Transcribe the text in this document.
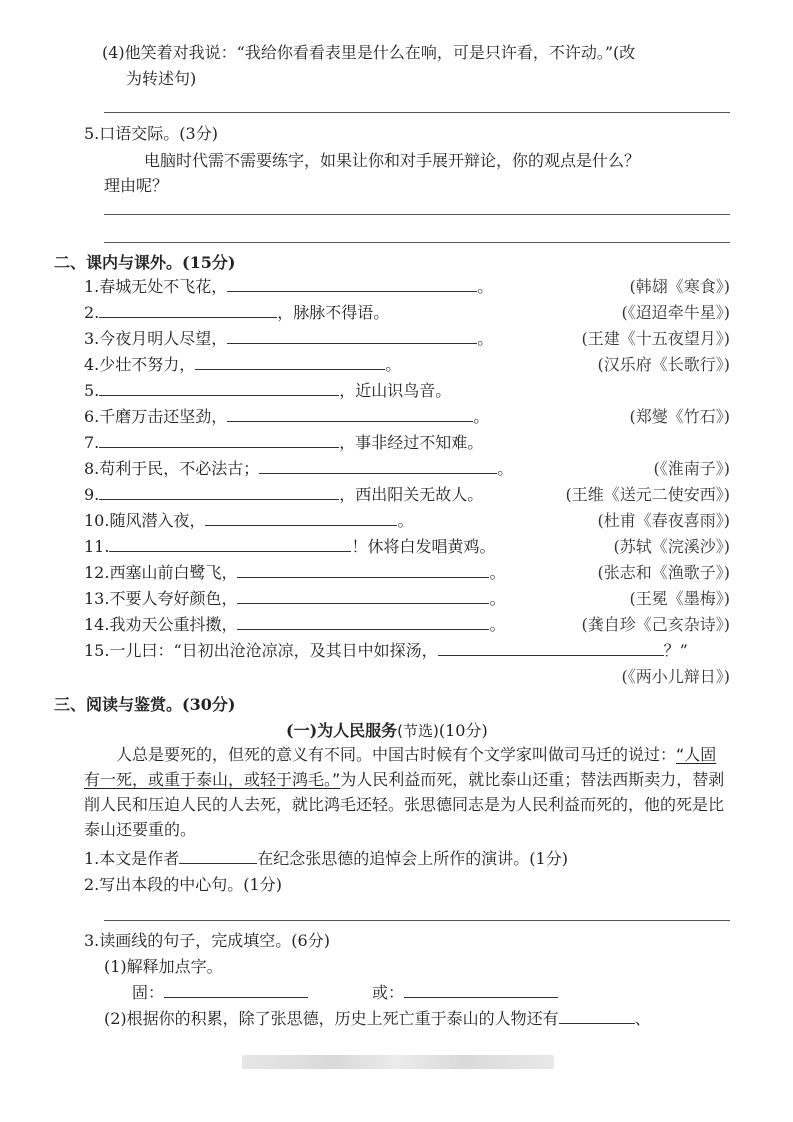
(4)他笑着对我说：“我给你看看表里是什么在响，可是只许看，不许动。”(改
为转述句)
5.口语交际。(3分)
电脑时代需不需要练字，如果让你和对手展开辩论，你的观点是什么？
理由呢？
二、课内与课外。(15分)
1.春城无处不飞花，	。	(韩翃《寒食》)
2.	，脉脉不得语。	(《迢迢牵牛星》)
3.今夜月明人尽望，	。	(王建《十五夜望月》)
4.少壮不努力，	。	(汉乐府《长歌行》)
5.	，近山识鸟音。
6.千磨万击还坚劲，	。	(郑燮《竹石》)
7.	，事非经过不知难。
8.苟利于民，不必法古；	。	(《淮南子》)
9.	，西出阳关无故人。	(王维《送元二使安西》)
10.随风潜入夜，	。	(杜甫《春夜喜雨》)
11.	！休将白发唱黄鸡。	(苏轼《浣溪沙》)
12.西塞山前白鹭飞，	。	(张志和《渔歌子》)
13.不要人夸好颜色，	。	(王冕《墨梅》)
14.我劝天公重抖擞，	。	(龚自珍《己亥杂诗》)
15.一儿曰：“日初出沧沧凉凉，及其日中如探汤，	？”
(《两小儿辩日》)
三、阅读与鉴赏。(30分)
(一)为人民服务(节选)(10分)
人总是要死的，但死的意义有不同。中国古时候有个文学家叫做司马迁的说过：“人固有一死，或重于泰山，或轻于鸿毛。”为人民利益而死，就比泰山还重；替法西斯卖力，替剥削人民和压迫人民的人去死，就比鸿毛还轻。张思德同志是为人民利益而死的，他的死是比泰山还要重的。
1.本文是作者	在纪念张思德的追悼会上所作的演讲。(1分)
2.写出本段的中心句。(1分)
3.读画线的句子，完成填空。(6分)
(1)解释加点字。
固：	或：
(2)根据你的积累，除了张思德，历史上死亡重于泰山的人物还有	、
